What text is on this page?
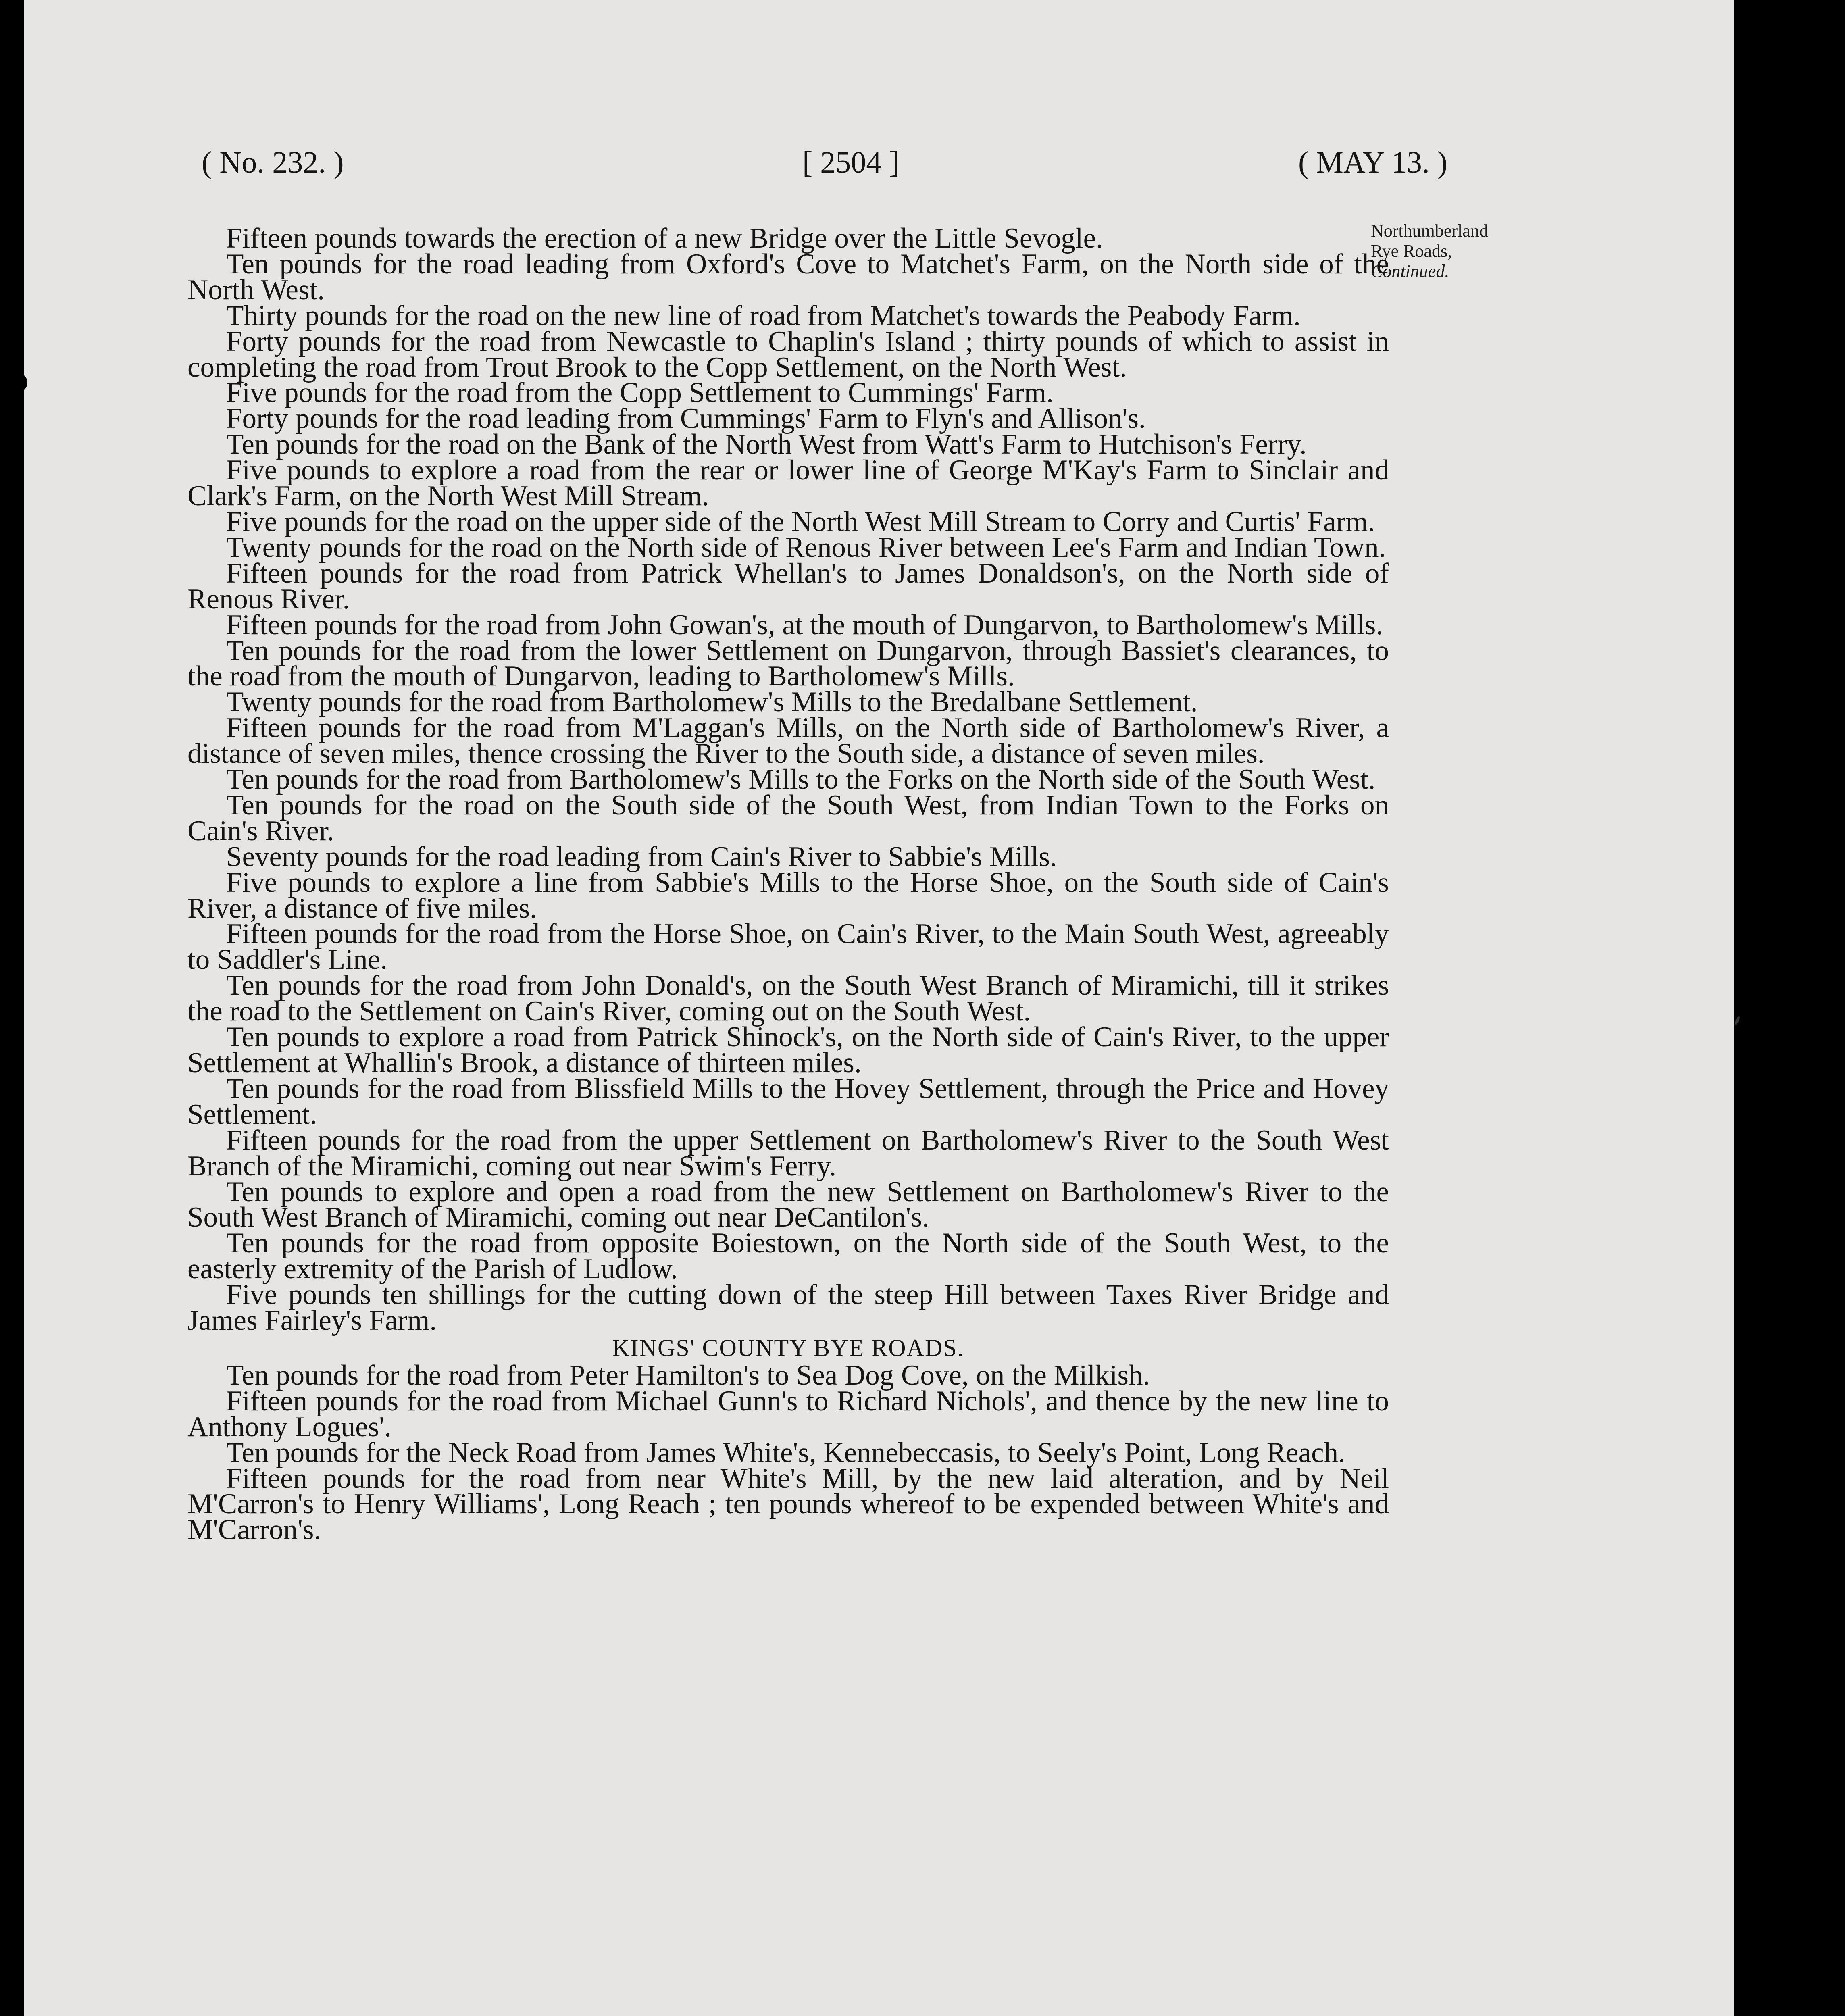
( No. 232. )	[ 2504 ]	( MAY 13. )
Northumberland
Rye Roads,
Continued.

Fifteen pounds towards the erection of a new Bridge over the Little Sevogle.

Ten pounds for the road leading from Oxford's Cove to Matchet's Farm, on the North side of the North West.

Thirty pounds for the road on the new line of road from Matchet's towards the Peabody Farm.

Forty pounds for the road from Newcastle to Chaplin's Island ; thirty pounds of which to assist in completing the road from Trout Brook to the Copp Settlement, on the North West.

Five pounds for the road from the Copp Settlement to Cummings' Farm.

Forty pounds for the road leading from Cummings' Farm to Flyn's and Allison's.

Ten pounds for the road on the Bank of the North West from Watt's Farm to Hutchison's Ferry.

Five pounds to explore a road from the rear or lower line of George M'Kay's Farm to Sinclair and Clark's Farm, on the North West Mill Stream.

Five pounds for the road on the upper side of the North West Mill Stream to Corry and Curtis' Farm.

Twenty pounds for the road on the North side of Renous River between Lee's Farm and Indian Town.

Fifteen pounds for the road from Patrick Whellan's to James Donaldson's, on the North side of Renous River.

Fifteen pounds for the road from John Gowan's, at the mouth of Dungarvon, to Bartholomew's Mills.

Ten pounds for the road from the lower Settlement on Dungarvon, through Bassiet's clearances, to the road from the mouth of Dungarvon, leading to Bartholomew's Mills.

Twenty pounds for the road from Bartholomew's Mills to the Bredalbane Settlement.

Fifteen pounds for the road from M'Laggan's Mills, on the North side of Bartholomew's River, a distance of seven miles, thence crossing the River to the South side, a distance of seven miles.

Ten pounds for the road from Bartholomew's Mills to the Forks on the North side of the South West.

Ten pounds for the road on the South side of the South West, from Indian Town to the Forks on Cain's River.

Seventy pounds for the road leading from Cain's River to Sabbie's Mills.

Five pounds to explore a line from Sabbie's Mills to the Horse Shoe, on the South side of Cain's River, a distance of five miles.

Fifteen pounds for the road from the Horse Shoe, on Cain's River, to the Main South West, agreeably to Saddler's Line.

Ten pounds for the road from John Donald's, on the South West Branch of Miramichi, till it strikes the road to the Settlement on Cain's River, coming out on the South West.

Ten pounds to explore a road from Patrick Shinock's, on the North side of Cain's River, to the upper Settlement at Whallin's Brook, a distance of thirteen miles.

Ten pounds for the road from Blissfield Mills to the Hovey Settlement, through the Price and Hovey Settlement.

Fifteen pounds for the road from the upper Settlement on Bartholomew's River to the South West Branch of the Miramichi, coming out near Swim's Ferry.

Ten pounds to explore and open a road from the new Settlement on Bartholomew's River to the South West Branch of Miramichi, coming out near DeCantilon's.

Ten pounds for the road from opposite Boiestown, on the North side of the South West, to the easterly extremity of the Parish of Ludlow.

Five pounds ten shillings for the cutting down of the steep Hill between Taxes River Bridge and James Fairley's Farm.

KINGS' COUNTY BYE ROADS.

Ten pounds for the road from Peter Hamilton's to Sea Dog Cove, on the Milkish.

Fifteen pounds for the road from Michael Gunn's to Richard Nichols', and thence by the new line to Anthony Logues'.

Ten pounds for the Neck Road from James White's, Kennebeccasis, to Seely's Point, Long Reach.

Fifteen pounds for the road from near White's Mill, by the new laid alteration, and by Neil M'Carron's to Henry Williams', Long Reach ; ten pounds whereof to be expended between White's and M'Carron's.
